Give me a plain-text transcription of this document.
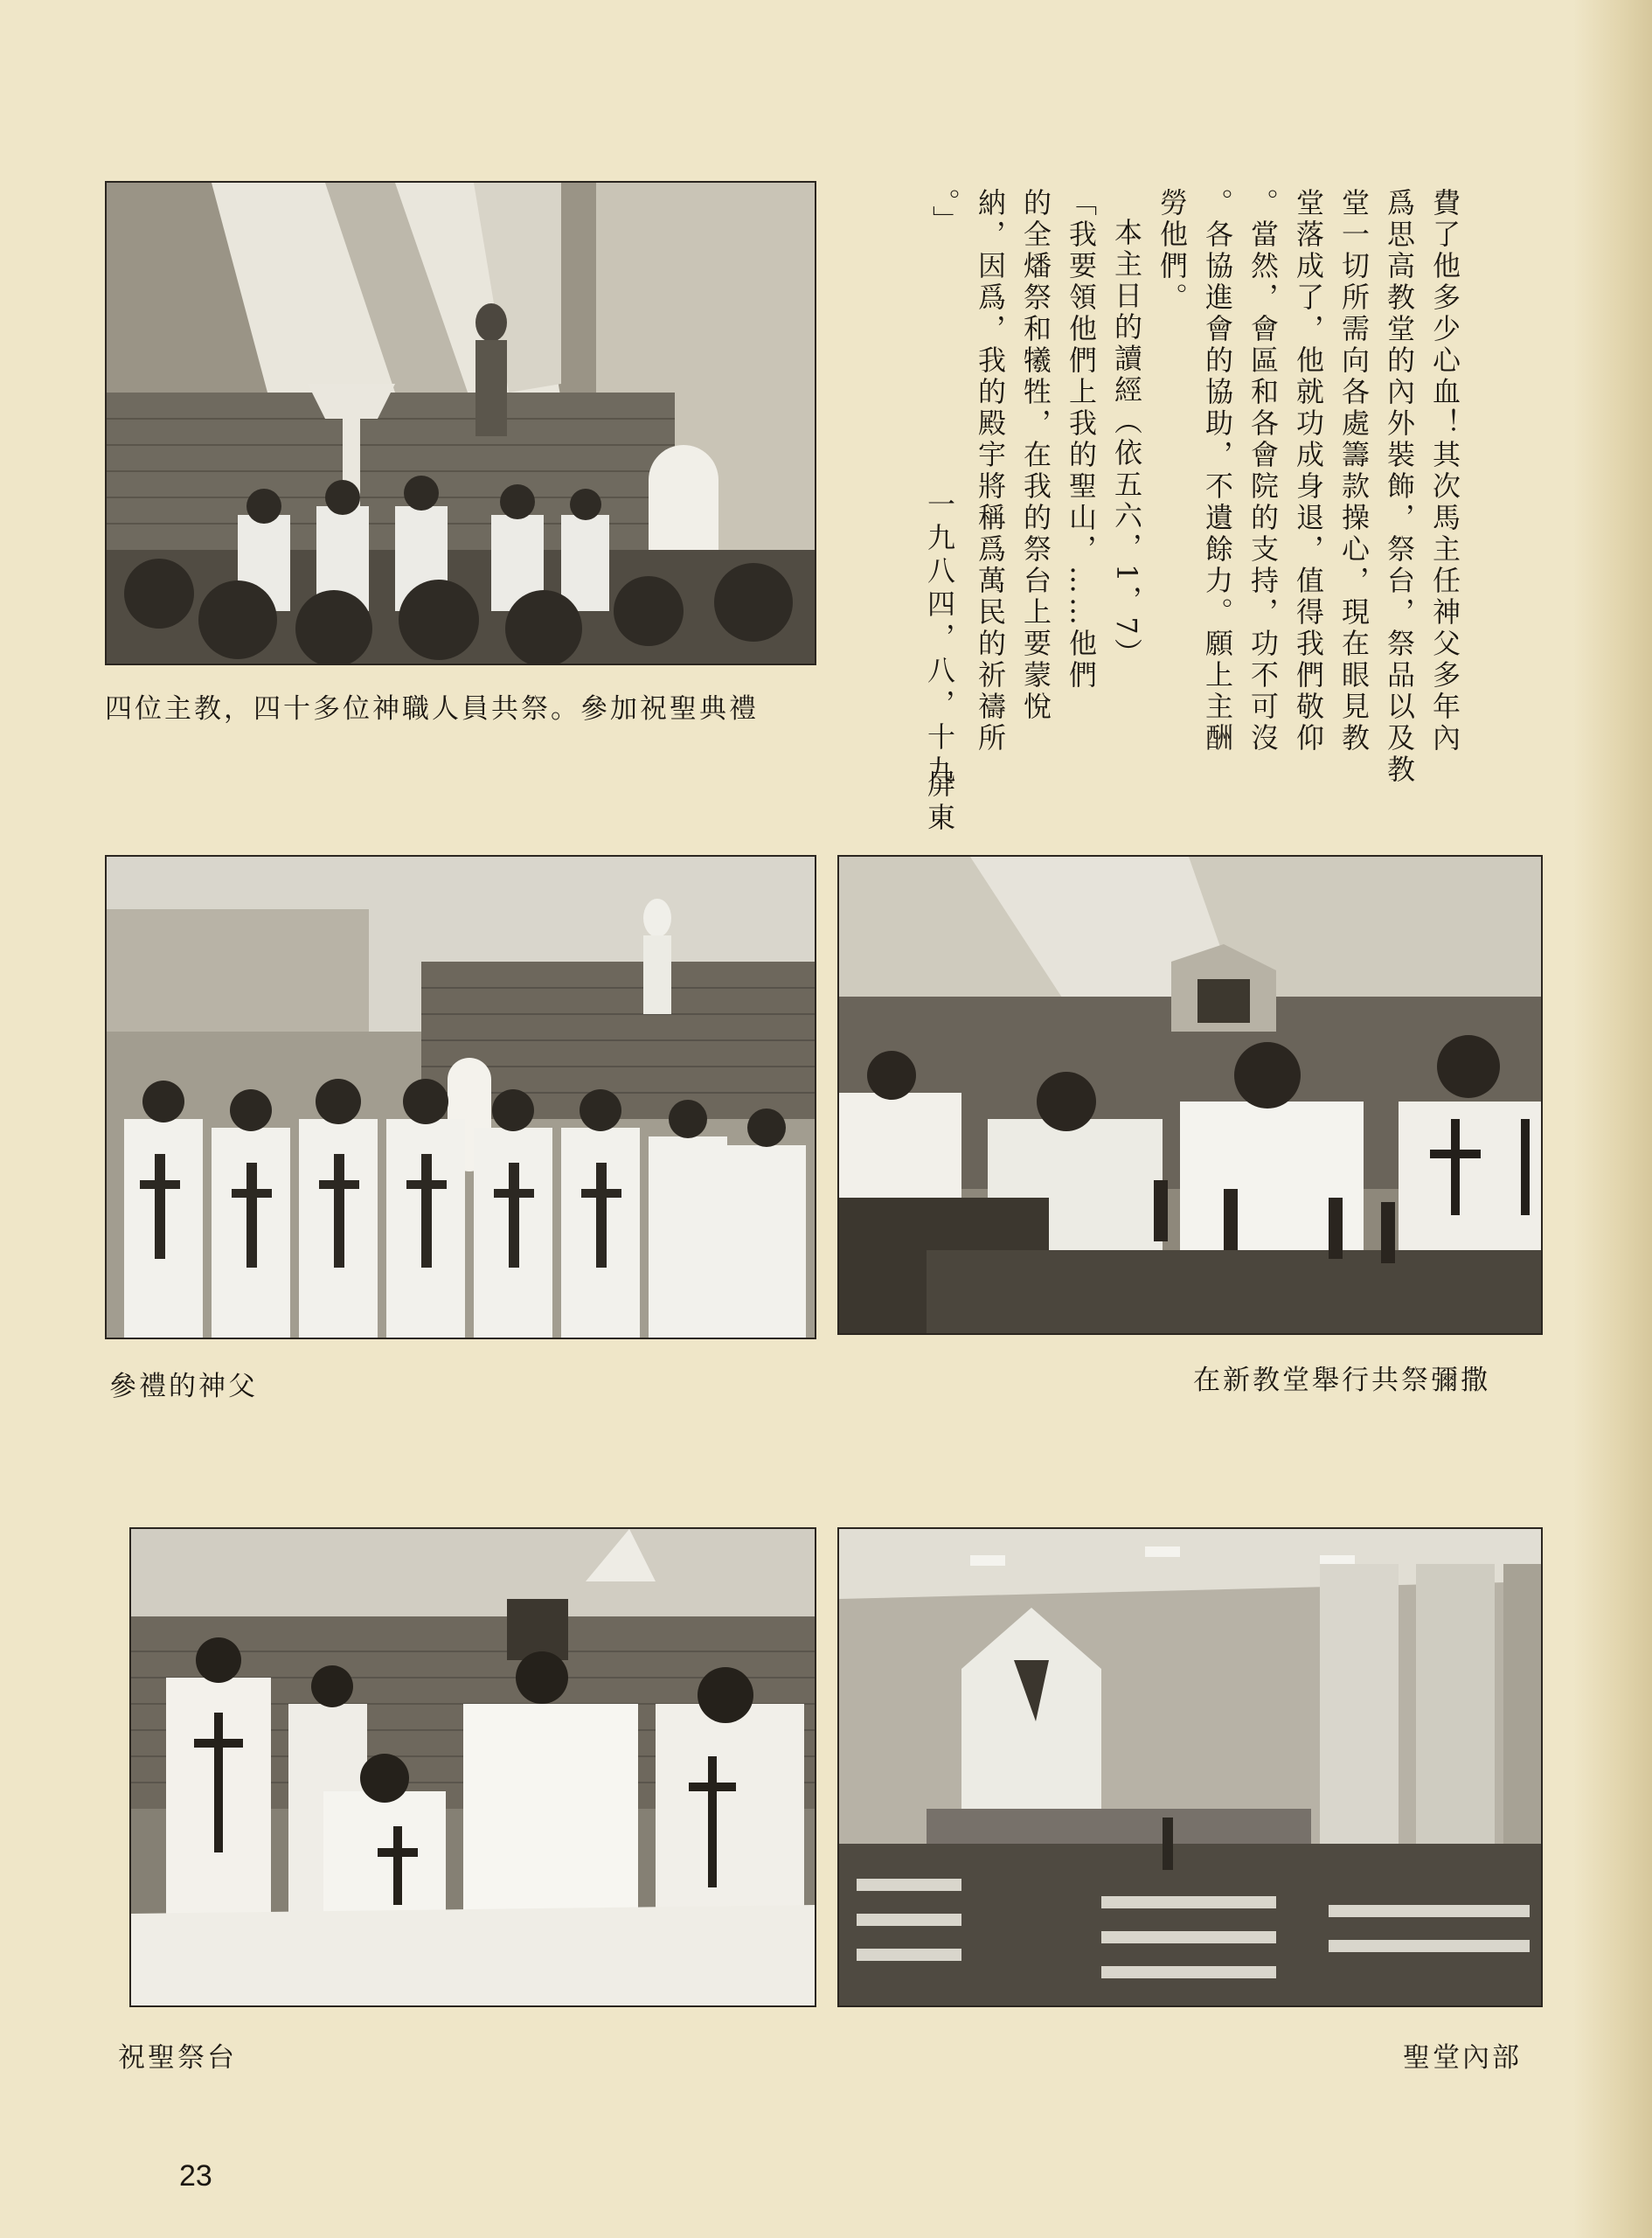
四位主教，四十多位神職人員共祭。參加祝聖典禮	費了他多少心血！其次馬主任神父多年內

爲思高教堂的內外裝飾，祭台，祭品以及教

堂一切所需向各處籌款操心，現在眼見教

堂落成了，他就功成身退，值得我們敬仰

。當然，會區和各會院的支持，功不可沒

。各協進會的協助，不遺餘力。願上主酬

勞他們。

本主日的讀經（依五六，1，7）

「我要領他們上我的聖山，……他們

的全燔祭和犧牲，在我的祭台上要蒙悅

納，因爲，我的殿宇將稱爲萬民的祈禱所

。」

一九八四，八，十九
屏東
參禮的神父	在新教堂舉行共祭彌撒
祝聖祭台	聖堂內部
23
